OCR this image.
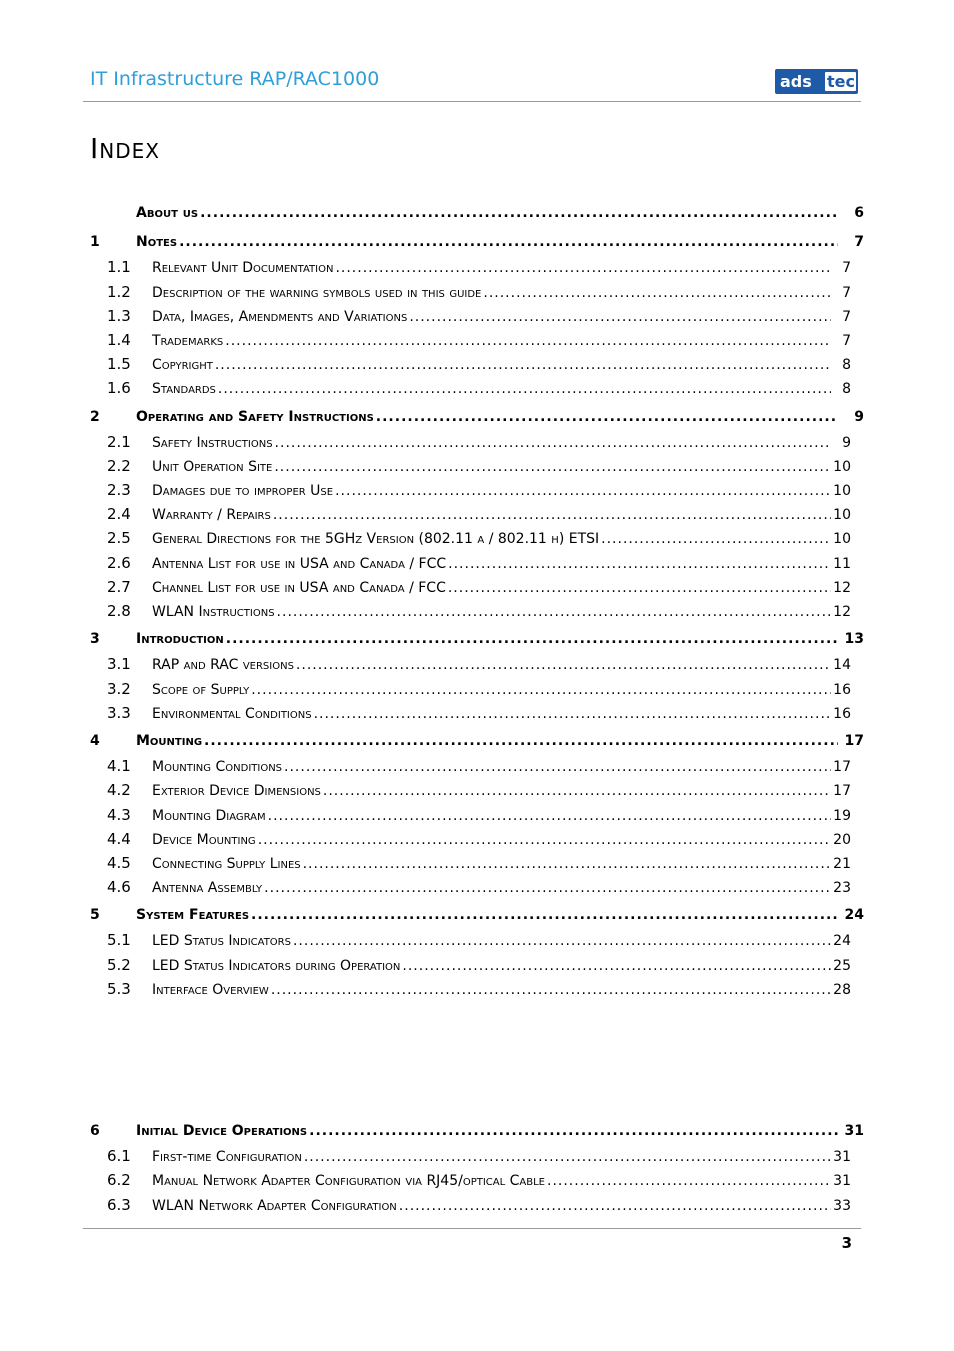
IT Infrastructure RAP/RAC1000	ads tec
Index
About us .....	6
1	Notes .....	7
1.1	Relevant Unit Documentation .....	7
1.2	Description of the warning symbols used in this guide .....	7
1.3	Data, Images, Amendments and Variations .....	7
1.4	Trademarks .....	7
1.5	Copyright .....	8
1.6	Standards .....	8
2	Operating and Safety Instructions .....	9
2.1	Safety Instructions .....	9
2.2	Unit Operation Site .....	10
2.3	Damages due to improper Use .....	10
2.4	Warranty / Repairs .....	10
2.5	General Directions for the 5GHz Version (802.11 a / 802.11 h) ETSI .....	10
2.6	Antenna List for use in USA and Canada / FCC .....	11
2.7	Channel List for use in USA and Canada / FCC .....	12
2.8	WLAN Instructions .....	12
3	Introduction .....	13
3.1	RAP and RAC versions .....	14
3.2	Scope of Supply .....	16
3.3	Environmental Conditions .....	16
4	Mounting .....	17
4.1	Mounting Conditions .....	17
4.2	Exterior Device Dimensions .....	17
4.3	Mounting Diagram .....	19
4.4	Device Mounting .....	20
4.5	Connecting Supply Lines .....	21
4.6	Antenna Assembly .....	23
5	System Features .....	24
5.1	LED Status Indicators .....	24
5.2	LED Status Indicators during Operation .....	25
5.3	Interface Overview .....	28
6	Initial Device Operations .....	31
6.1	First-time Configuration .....	31
6.2	Manual Network Adapter Configuration via RJ45/optical Cable .....	31
6.3	WLAN Network Adapter Configuration .....	33
3
